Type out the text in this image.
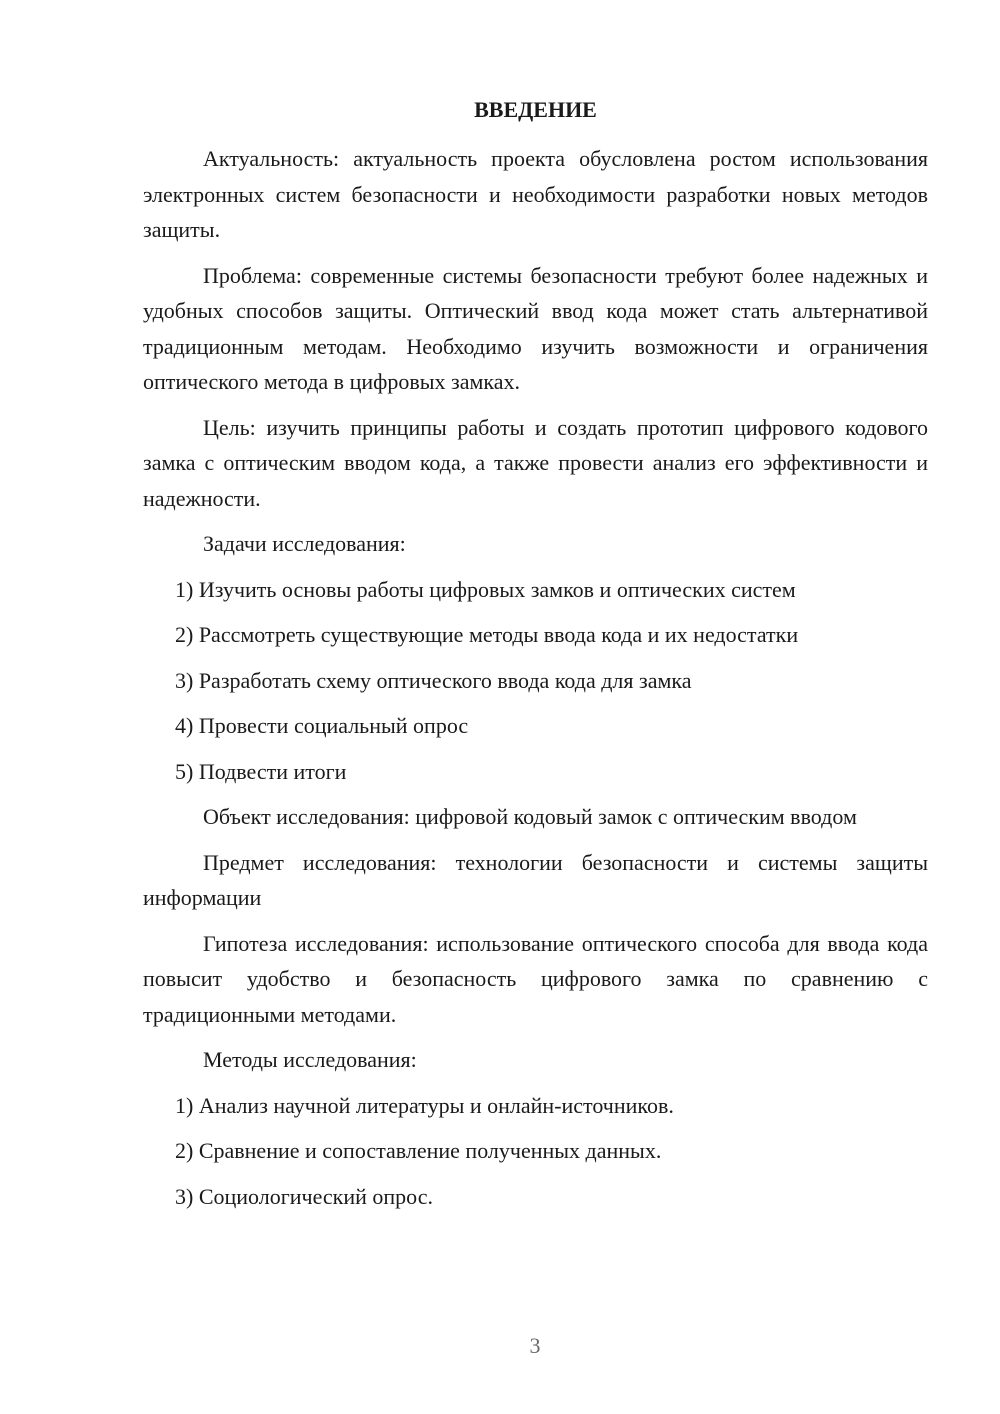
ВВЕДЕНИЕ

Актуальность: актуальность проекта обусловлена ростом использования электронных систем безопасности и необходимости разработки новых методов защиты.

Проблема: современные системы безопасности требуют более надежных и удобных способов защиты. Оптический ввод кода может стать альтернативой традиционным методам. Необходимо изучить возможности и ограничения оптического метода в цифровых замках.

Цель: изучить принципы работы и создать прототип цифрового кодового замка с оптическим вводом кода, а также провести анализ его эффективности и надежности.

Задачи исследования:

1) Изучить основы работы цифровых замков и оптических систем
2) Рассмотреть существующие методы ввода кода и их недостатки
3) Разработать схему оптического ввода кода для замка
4) Провести социальный опрос
5) Подвести итоги

Объект исследования: цифровой кодовый замок с оптическим вводом

Предмет исследования: технологии безопасности и системы защиты информации

Гипотеза исследования: использование оптического способа для ввода кода повысит удобство и безопасность цифрового замка по сравнению с традиционными методами.

Методы исследования:

1) Анализ научной литературы и онлайн-источников.
2) Сравнение и сопоставление полученных данных.
3) Социологический опрос.
3
